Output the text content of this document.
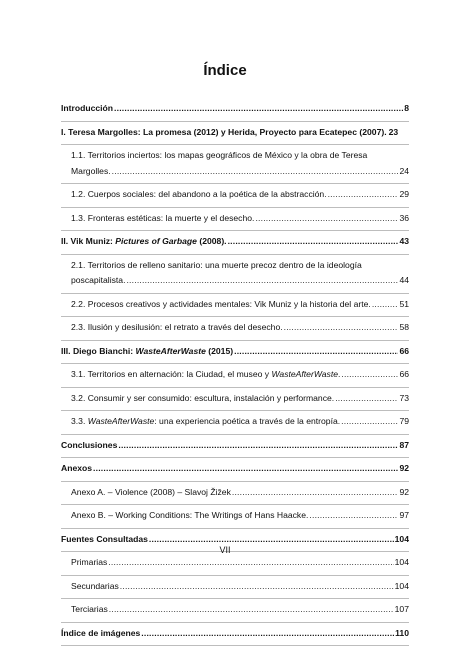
Índice
Introducción .....	8
I. Teresa Margolles: La promesa (2012) y Herida, Proyecto para Ecatepec (2007). 23
1.1. Territorios inciertos: los mapas geográficos de México y la obra de Teresa
Margolles. .....	24
1.2. Cuerpos sociales: del abandono a la poética de la abstracción. .....	29
1.3. Fronteras estéticas: la muerte y el desecho. .....	36
II. Vik Muniz: Pictures of Garbage (2008). .....	43
2.1. Territorios de relleno sanitario: una muerte precoz dentro de la ideología
poscapitalista. .....	44
2.2. Procesos creativos y actividades mentales: Vik Muniz y la historia del arte. .....	51
2.3. Ilusión y desilusión: el retrato a través del desecho. .....	58
III. Diego Bianchi: WasteAfterWaste (2015) .....	66
3.1. Territorios en alternación: la Ciudad, el museo y WasteAfterWaste. .....	66
3.2. Consumir y ser consumido: escultura, instalación y performance. .....	73
3.3. WasteAfterWaste: una experiencia poética a través de la entropía. .....	79
Conclusiones .....	87
Anexos .....	92
Anexo A. – Violence (2008) – Slavoj Žižek .....	92
Anexo B. – Working Conditions: The Writings of Hans Haacke. .....	97
Fuentes Consultadas .....	104
Primarias .....	104
Secundarias .....	104
Terciarias .....	107
Índice de imágenes .....	110
VII
